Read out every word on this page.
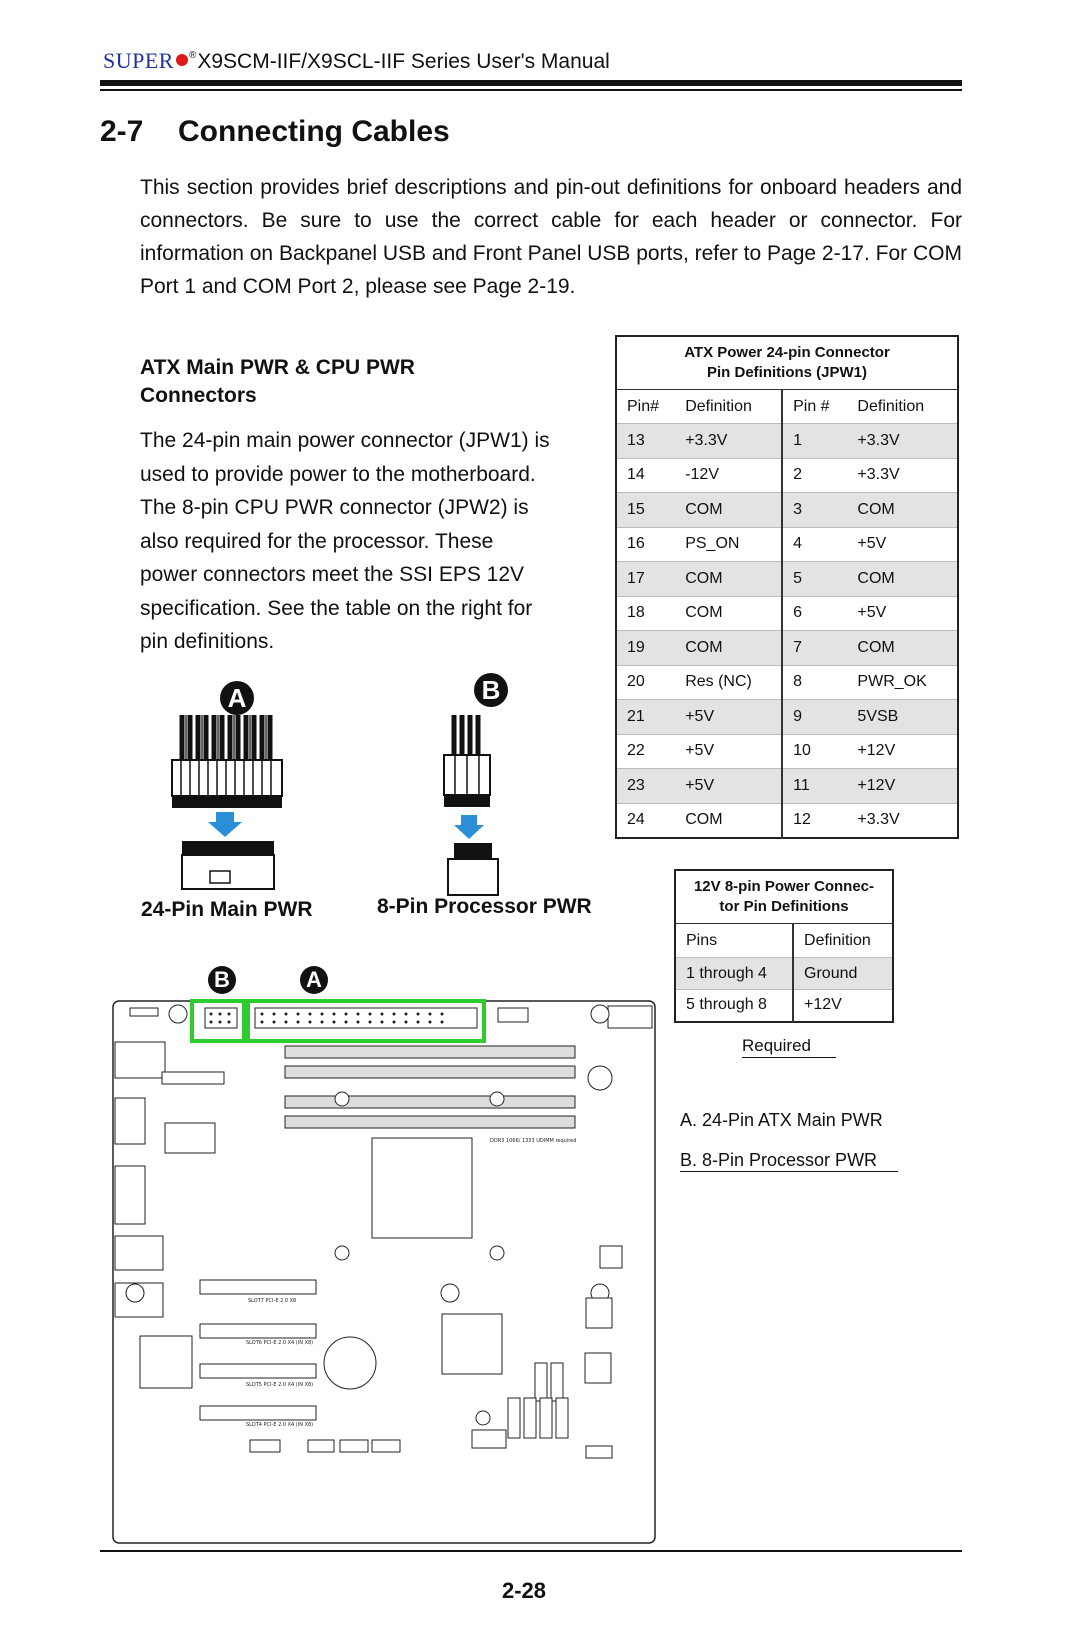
SUPER ®X9SCM-IIF/X9SCL-IIF Series User's Manual
2-7 Connecting Cables
This section provides brief descriptions and pin-out definitions for onboard headers and connectors. Be sure to use the correct cable for each header or connector. For information on Backpanel USB and Front Panel USB ports, refer to Page 2-17. For COM Port 1 and COM Port 2, please see Page 2-19.
ATX Main PWR & CPU PWR Connectors
The 24-pin main power connector (JPW1) is used to provide power to the motherboard. The 8-pin CPU PWR connector (JPW2) is also required for the processor. These power connectors meet the SSI EPS 12V specification. See the table on the right for pin definitions.
A	B
24-Pin Main PWR	8-Pin Processor PWR
ATX Power 24-pin Connector
Pin Definitions (JPW1)			

Pin#	Definition	Pin #	Definition
13	+3.3V	1	+3.3V
14	-12V	2	+3.3V
15	COM	3	COM
16	PS_ON	4	+5V
17	COM	5	COM
18	COM	6	+5V
19	COM	7	COM
20	Res (NC)	8	PWR_OK
21	+5V	9	5VSB
22	+5V	10	+12V
23	+5V	11	+12V
24	COM	12	+3.3V
12V 8-pin Power Connec-
tor Pin Definitions	

Pins	Definition
1 through 4	Ground
5 through 8	+12V
Required
A. 24-Pin ATX Main PWR
B. 8-Pin Processor PWR
B	A
DDR3 1066/ 1333 UDIMM required
SLOT7 PCI-E 2.0 X8
SLOT6 PCI-E 2.0 X4 (IN X8)
SLOT5 PCI-E 2.0 X4 (IN X8)
SLOT4 PCI-E 2.0 X4 (IN X8)
2-28
